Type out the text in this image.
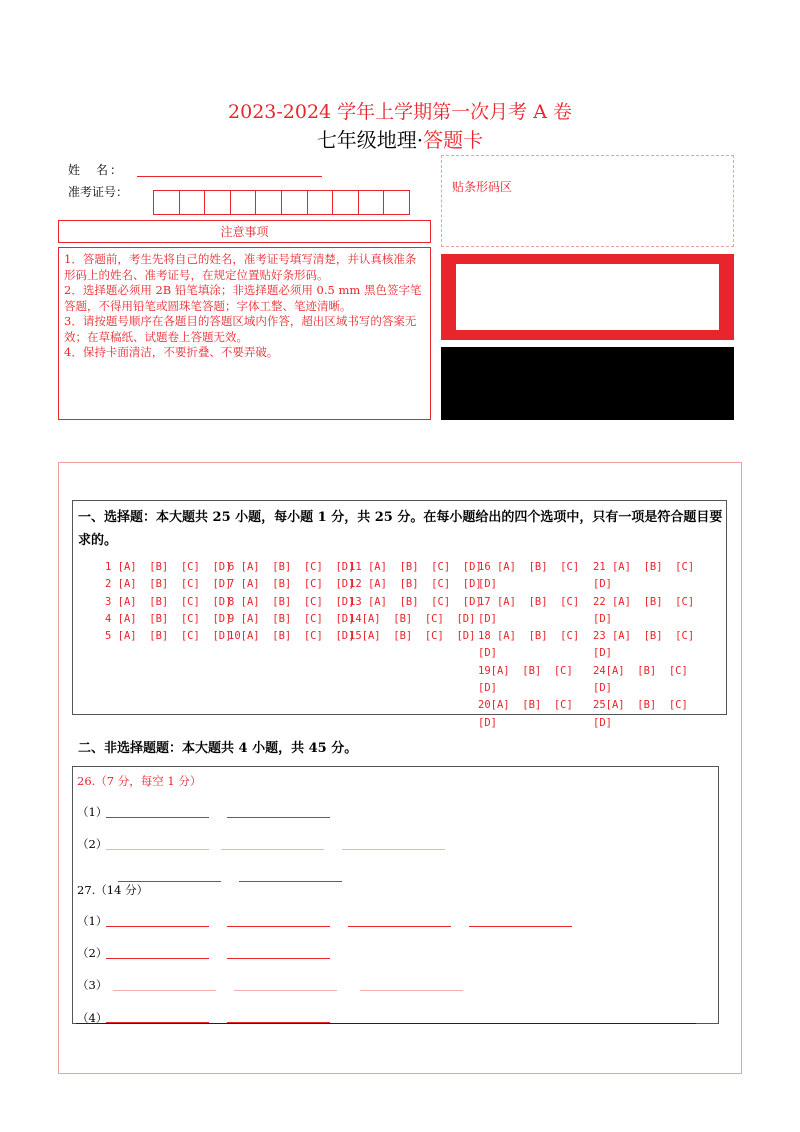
2023-2024 学年上学期第一次月考 A 卷
七年级地理·答题卡
姓 名：
准考证号：
注意事项

1．答题前，考生先将自己的姓名，准考证号填写清楚，并认真核准条形码上的姓名、准考证号，在规定位置贴好条形码。

2．选择题必须用 2B 铅笔填涂；非选择题必须用 0.5 mm 黑色签字笔答题，不得用铅笔或圆珠笔答题；字体工整、笔迹清晰。

3．请按题号顺序在各题目的答题区域内作答，超出区域书写的答案无效；在草稿纸、试题卷上答题无效。

4．保持卡面清洁，不要折叠、不要弄破。

贴条形码区
一、选择题：本大题共 25 小题，每小题 1 分，共 25 分。在每小题给出的四个选项中，只有一项是符合题目要求的。
1 [A]  [B]  [C]  [D]
2 [A]  [B]  [C]  [D]
3 [A]  [B]  [C]  [D]
4 [A]  [B]  [C]  [D]
5 [A]  [B]  [C]  [D]
6 [A]  [B]  [C]  [D]
7 [A]  [B]  [C]  [D]
8 [A]  [B]  [C]  [D]
9 [A]  [B]  [C]  [D]
10[A]  [B]  [C]  [D]
11 [A]  [B]  [C]  [D]
12 [A]  [B]  [C]  [D]
13 [A]  [B]  [C]  [D]
14[A]  [B]  [C]  [D]
15[A]  [B]  [C]  [D]
16 [A]  [B]  [C]
[D]
17 [A]  [B]  [C]
[D]
18 [A]  [B]  [C]
[D]
19[A]  [B]  [C]
[D]
20[A]  [B]  [C]
[D]
21 [A]  [B]  [C]
[D]
22 [A]  [B]  [C]
[D]
23 [A]  [B]  [C]
[D]
24[A]  [B]  [C]
[D]
25[A]  [B]  [C]
[D]
二、非选择题题：本大题共 4 小题，共 45 分。
26.（7 分，每空 1 分）
（1）
（2）
27.（14 分）
（1）
（2）
（3）
（4）
